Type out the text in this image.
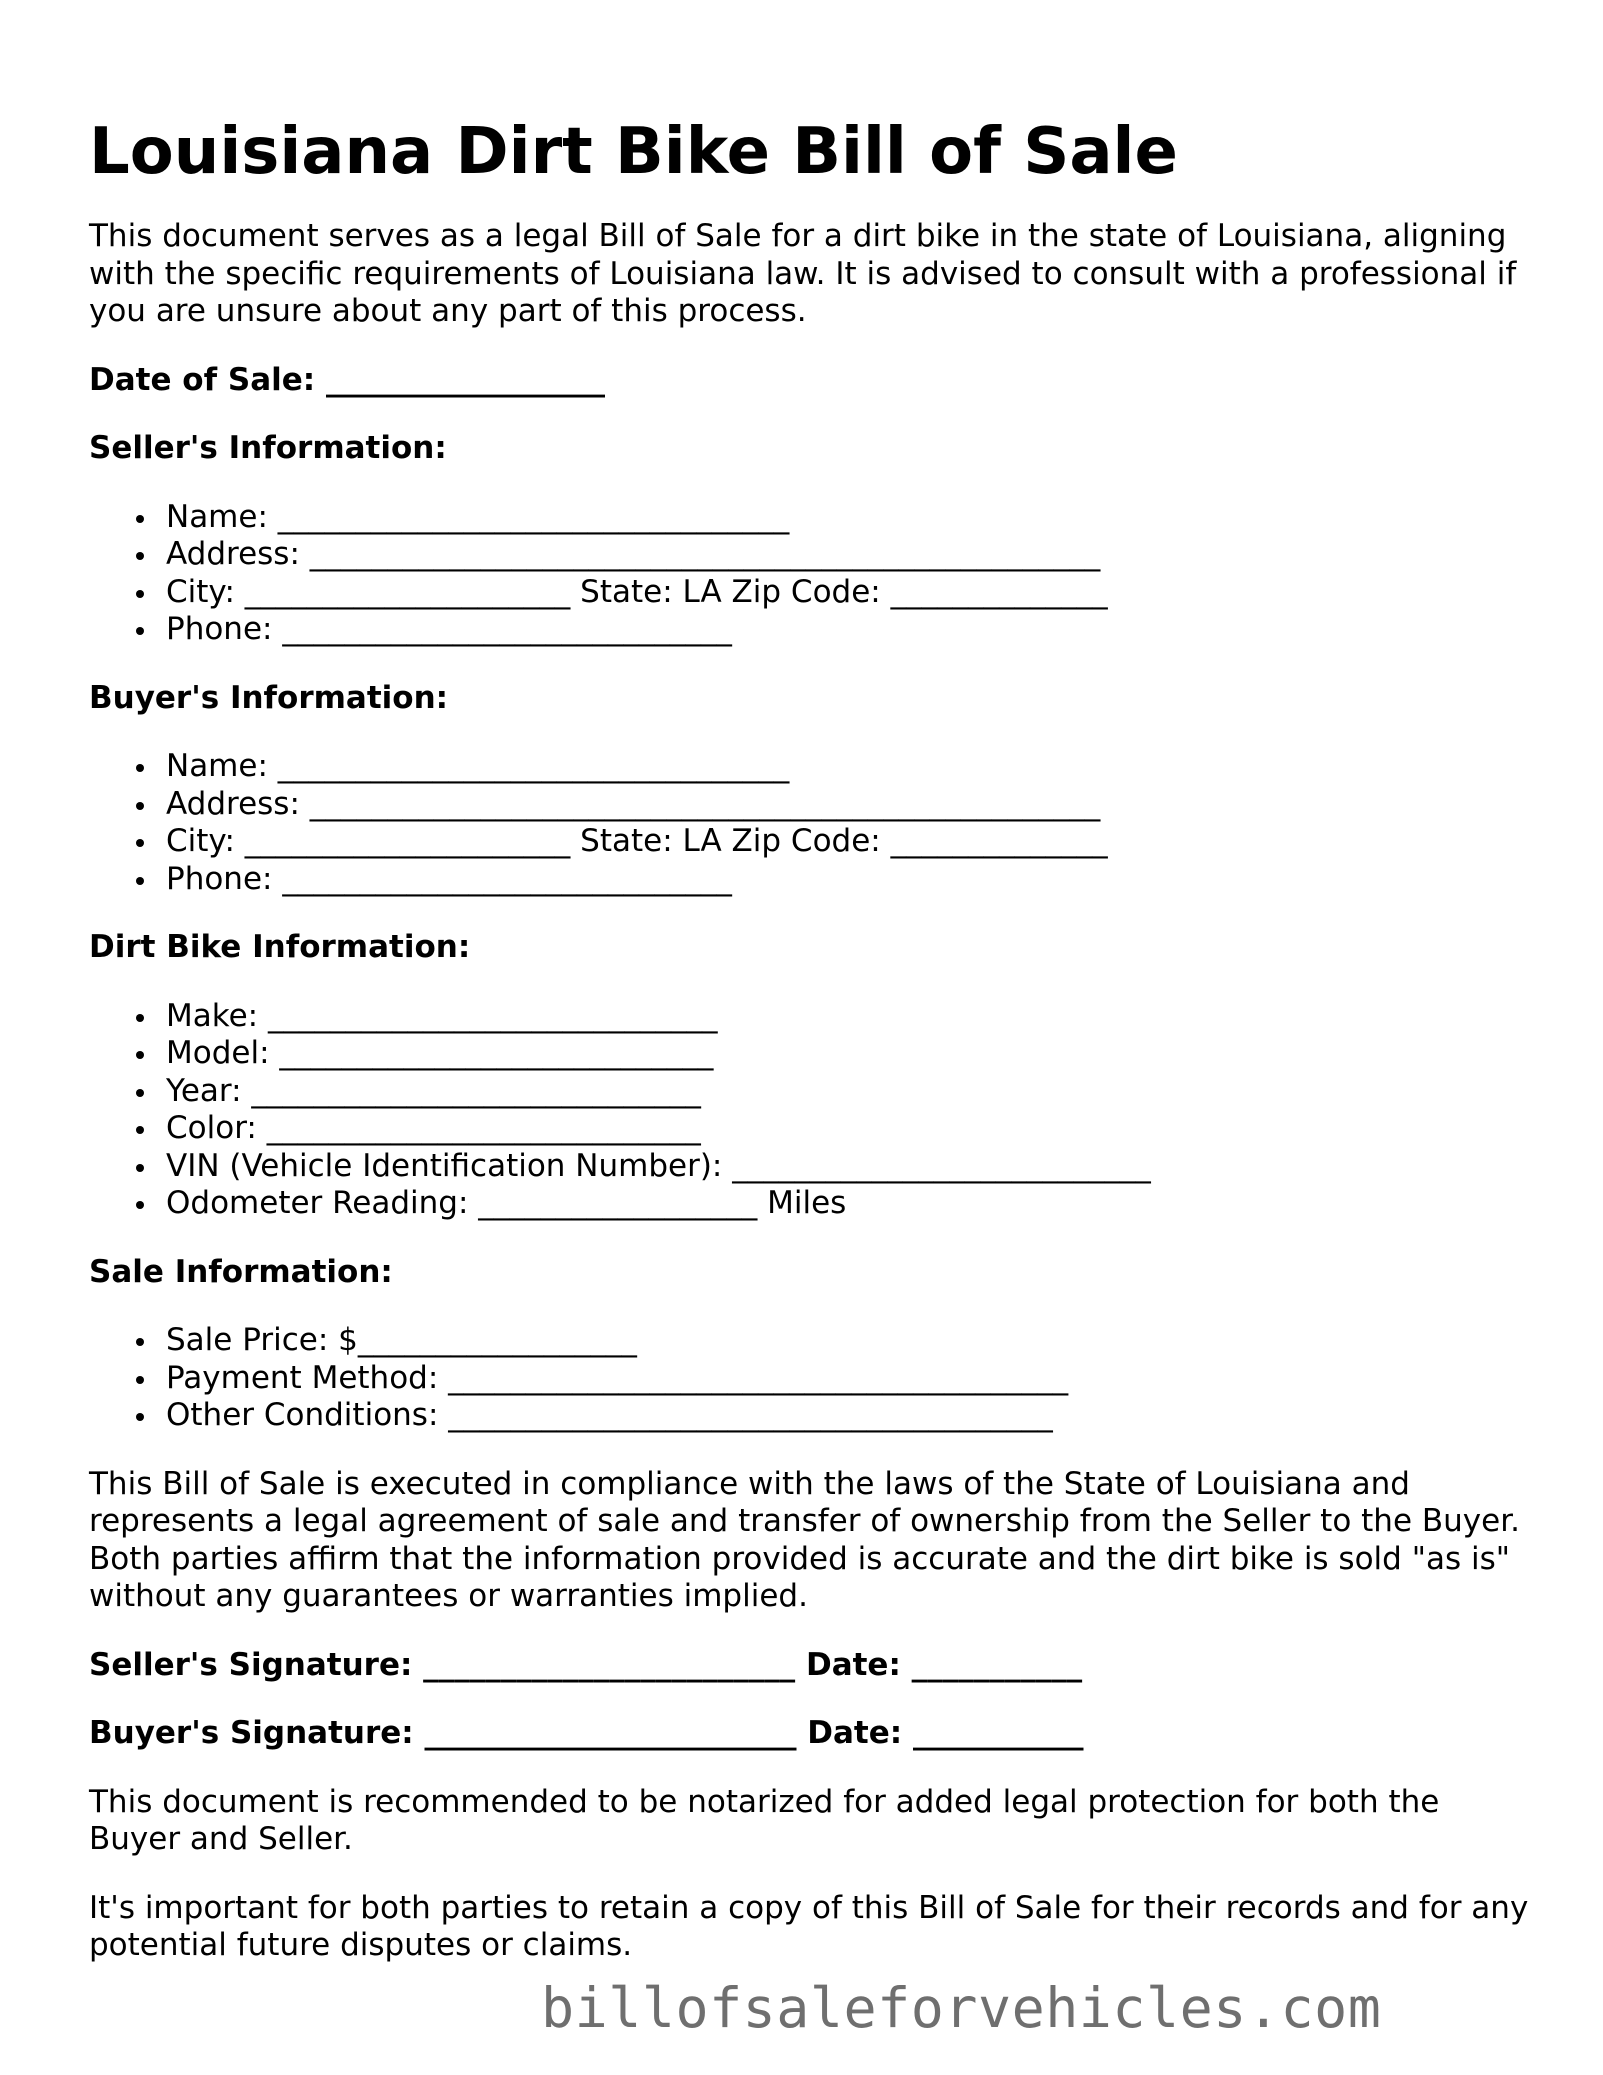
Louisiana Dirt Bike Bill of Sale

This document serves as a legal Bill of Sale for a dirt bike in the state of Louisiana, aligning with the specific requirements of Louisiana law. It is advised to consult with a professional if you are unsure about any part of this process.

Date of Sale: __________________
Seller's Information:
Name: _________________________________
Address: ___________________________________________________
City: _____________________ State: LA Zip Code: ______________
Phone: _____________________________
Buyer's Information:
Name: _________________________________
Address: ___________________________________________________
City: _____________________ State: LA Zip Code: ______________
Phone: _____________________________
Dirt Bike Information:
Make: _____________________________
Model: ____________________________
Year: _____________________________
Color: ____________________________
VIN (Vehicle Identification Number): ___________________________
Odometer Reading: __________________ Miles
Sale Information:
Sale Price: $__________________
Payment Method: ________________________________________
Other Conditions: _______________________________________

This Bill of Sale is executed in compliance with the laws of the State of Louisiana and represents a legal agreement of sale and transfer of ownership from the Seller to the Buyer. Both parties affirm that the information provided is accurate and the dirt bike is sold "as is" without any guarantees or warranties implied.

Seller's Signature: ________________________ Date: ___________
Buyer's Signature: ________________________ Date: ___________

This document is recommended to be notarized for added legal protection for both the Buyer and Seller.

It's important for both parties to retain a copy of this Bill of Sale for their records and for any potential future disputes or claims.

billofsaleforvehicles.com
